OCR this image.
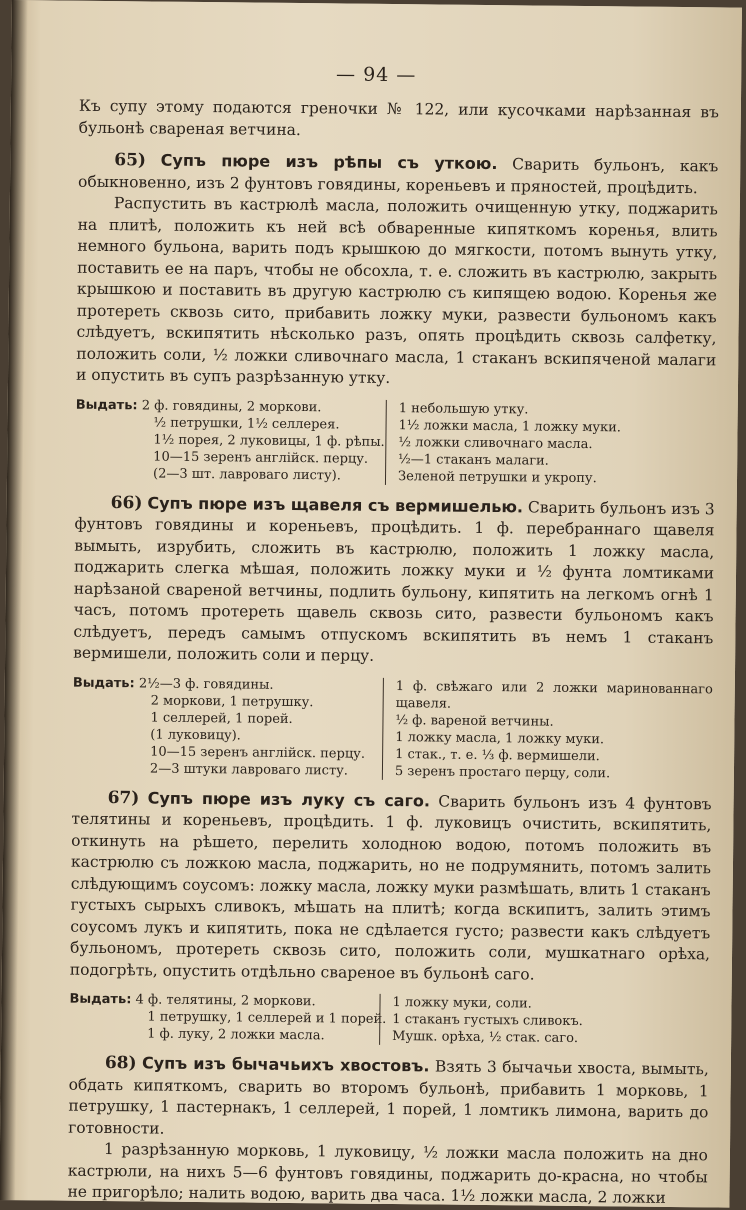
— 94 —

Къ супу этому подаются греночки № 122, или кусочками нарѣзанная въ бульонѣ свареная ветчина.

65) Супъ пюре изъ рѣпы съ уткою. Сварить бульонъ, какъ обыкновенно, изъ 2 фунтовъ говядины, кореньевъ и пряностей, процѣдить.

Распустить въ кастрюлѣ масла, положить очищенную утку, поджарить на плитѣ, положить къ ней всѣ обваренные кипяткомъ коренья, влить немного бульона, варить подъ крышкою до мягкости, потомъ вынуть утку, поставить ее на паръ, чтобы не обсохла, т. е. сложить въ кастрюлю, закрыть крышкою и поставить въ другую кастрюлю съ кипящею водою. Коренья же протереть сквозь сито, прибавить ложку муки, развести бульономъ какъ слѣдуетъ, вскипятить нѣсколько разъ, опять процѣдить сквозь салфетку, положить соли, ½ ложки сливочнаго масла, 1 стаканъ вскипяченой малаги и опустить въ супъ разрѣзанную утку.

Выдать: 2 ф. говядины, 2 моркови.
½ петрушки, 1½ селлерея.
1½ порея, 2 луковицы, 1 ф. рѣпы.
10—15 зеренъ англійск. перцу.
(2—3 шт. лавроваго листу).
1 небольшую утку.
1½ ложки масла, 1 ложку муки.
½ ложки сливочнаго масла.
½—1 стаканъ малаги.
Зеленой петрушки и укропу.

66) Супъ пюре изъ щавеля съ вермишелью. Сварить бульонъ изъ 3 фунтовъ говядины и кореньевъ, процѣдить. 1 ф. перебраннаго щавеля вымыть, изрубить, сложить въ кастрюлю, положить 1 ложку масла, поджарить слегка мѣшая, положить ложку муки и ½ фунта ломтиками нарѣзаной свареной ветчины, подлить бульону, кипятить на легкомъ огнѣ 1 часъ, потомъ протереть щавель сквозь сито, развести бульономъ какъ слѣдуетъ, передъ самымъ отпускомъ вскипятить въ немъ 1 стаканъ вермишели, положить соли и перцу.

Выдать: 2½—3 ф. говядины.
2 моркови, 1 петрушку.
1 селлерей, 1 порей.
(1 луковицу).
10—15 зеренъ англійск. перцу.
2—3 штуки лавроваго листу.
1 ф. свѣжаго или 2 ложки маринованнаго щавеля.
½ ф. вареной ветчины.
1 ложку масла, 1 ложку муки.
1 стак., т. е. ⅓ ф. вермишели.
5 зеренъ простаго перцу, соли.

67) Супъ пюре изъ луку съ саго. Сварить бульонъ изъ 4 фунтовъ телятины и кореньевъ, процѣдить. 1 ф. луковицъ очистить, вскипятить, откинуть на рѣшето, перелить холодною водою, потомъ положить въ кастрюлю съ ложкою масла, поджарить, но не подрумянить, потомъ залить слѣдующимъ соусомъ: ложку масла, ложку муки размѣшать, влить 1 стаканъ густыхъ сырыхъ сливокъ, мѣшать на плитѣ; когда вскипитъ, залить этимъ соусомъ лукъ и кипятить, пока не сдѣлается густо; развести какъ слѣдуетъ бульономъ, протереть сквозь сито, положить соли, мушкатнаго орѣха, подогрѣть, опустить отдѣльно свареное въ бульонѣ саго.

Выдать: 4 ф. телятины, 2 моркови.
1 петрушку, 1 селлерей и 1 порей.
1 ф. луку, 2 ложки масла.
1 ложку муки, соли.
1 стаканъ густыхъ сливокъ.
Мушк. орѣха, ½ стак. саго.

68) Супъ изъ бычачьихъ хвостовъ. Взять 3 бычачьи хвоста, вымыть, обдать кипяткомъ, сварить во второмъ бульонѣ, прибавить 1 морковь, 1 петрушку, 1 пастернакъ, 1 селлерей, 1 порей, 1 ломтикъ лимона, варить до готовности.

1 разрѣзанную морковь, 1 луковицу, ½ ложки масла положить на дно кастрюли, на нихъ 5—6 фунтовъ говядины, поджарить до-красна, но чтобы не пригорѣло; налить водою, варить два часа. 1½ ложки масла, 2 ложки
